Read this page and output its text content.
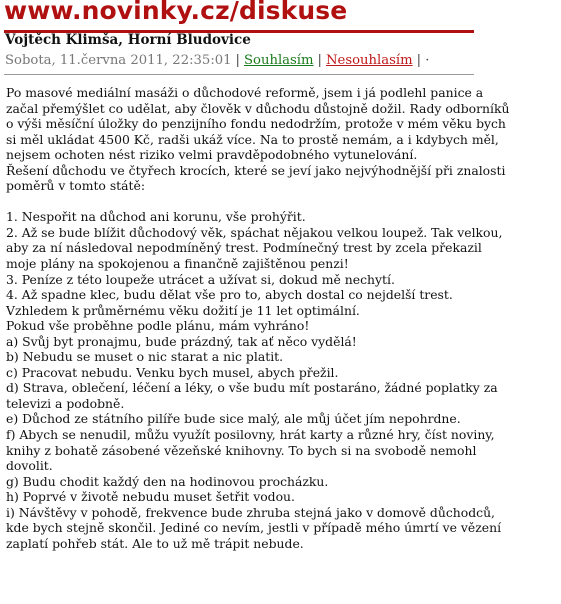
www.novinky.cz/diskuse
Vojtěch Klimša, Horní Bludovice
Sobota, 11.června 2011, 22:35:01 | Souhlasím | Nesouhlasím | ·
Po masové mediální masáži o důchodové reformě, jsem i já podlehl panice a
začal přemýšlet co udělat, aby člověk v důchodu důstojně dožil. Rady odborníků
o výši měsíční úložky do penzijního fondu nedodržím, protože v mém věku bych
si měl ukládat 4500 Kč, radši ukáž více. Na to prostě nemám, a i kdybych měl,
nejsem ochoten nést riziko velmi pravděpodobného vytunelování.
Řešení důchodu ve čtyřech krocích, které se jeví jako nejvýhodnější při znalosti
poměrů v tomto státě:
1. Nespořit na důchod ani korunu, vše prohýřit.
2. Až se bude blížit důchodový věk, spáchat nějakou velkou loupež. Tak velkou,
aby za ní následoval nepodmíněný trest. Podmínečný trest by zcela překazil
moje plány na spokojenou a finančně zajištěnou penzi!
3. Peníze z této loupeže utrácet a užívat si, dokud mě nechytí.
4. Až spadne klec, budu dělat vše pro to, abych dostal co nejdelší trest.
Vzhledem k průměrnému věku dožití je 11 let optimální.
Pokud vše proběhne podle plánu, mám vyhráno!
a) Svůj byt pronajmu, bude prázdný, tak ať něco vydělá!
b) Nebudu se muset o nic starat a nic platit.
c) Pracovat nebudu. Venku bych musel, abych přežil.
d) Strava, oblečení, léčení a léky, o vše budu mít postaráno, žádné poplatky za
televizi a podobně.
e) Důchod ze státního pilíře bude sice malý, ale můj účet jím nepohrdne.
f) Abych se nenudil, můžu využít posilovny, hrát karty a různé hry, číst noviny,
knihy z bohatě zásobené vězeňské knihovny. To bych si na svobodě nemohl
dovolit.
g) Budu chodit každý den na hodinovou procházku.
h) Poprvé v životě nebudu muset šetřit vodou.
i) Návštěvy v pohodě, frekvence bude zhruba stejná jako v domově důchodců,
kde bych stejně skončil. Jediné co nevím, jestli v případě mého úmrtí ve vězení
zaplatí pohřeb stát. Ale to už mě trápit nebude.
